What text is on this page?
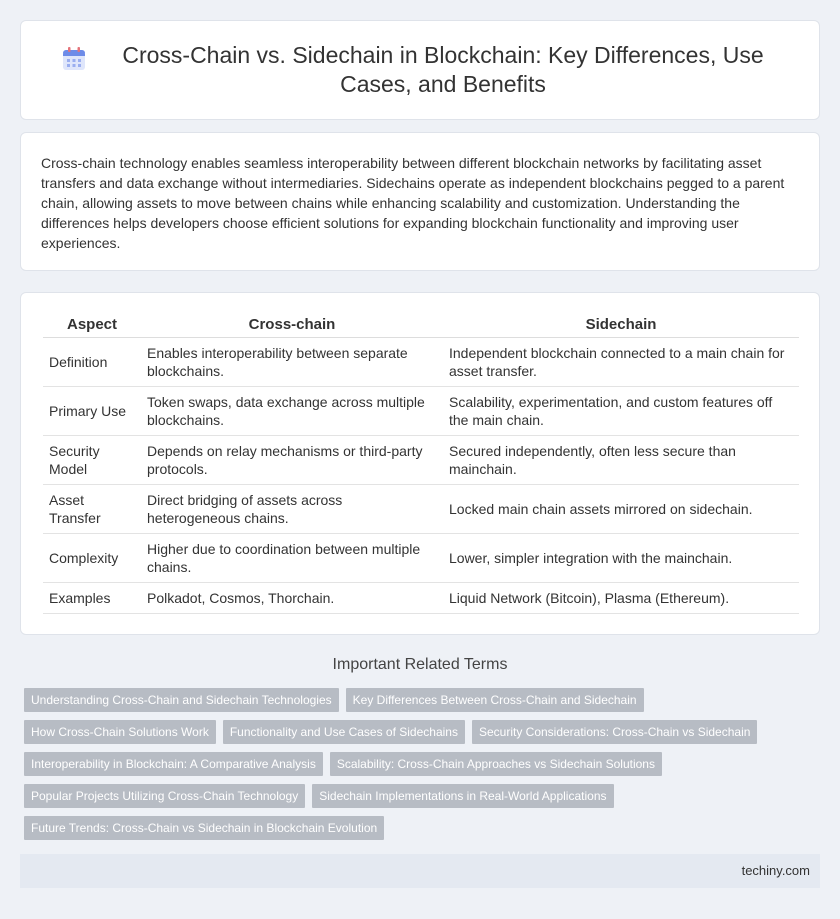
Cross-Chain vs. Sidechain in Blockchain: Key Differences, Use Cases, and Benefits

Cross-chain technology enables seamless interoperability between different blockchain networks by facilitating asset transfers and data exchange without intermediaries. Sidechains operate as independent blockchains pegged to a parent chain, allowing assets to move between chains while enhancing scalability and customization. Understanding the differences helps developers choose efficient solutions for expanding blockchain functionality and improving user experiences.

Aspect	Cross-chain	Sidechain
Definition	Enables interoperability between separate blockchains.	Independent blockchain connected to a main chain for asset transfer.
Primary Use	Token swaps, data exchange across multiple blockchains.	Scalability, experimentation, and custom features off the main chain.
Security Model	Depends on relay mechanisms or third-party protocols.	Secured independently, often less secure than mainchain.
Asset Transfer	Direct bridging of assets across heterogeneous chains.	Locked main chain assets mirrored on sidechain.
Complexity	Higher due to coordination between multiple chains.	Lower, simpler integration with the mainchain.
Examples	Polkadot, Cosmos, Thorchain.	Liquid Network (Bitcoin), Plasma (Ethereum).
Important Related Terms
Understanding Cross-Chain and Sidechain Technologies	Key Differences Between Cross-Chain and Sidechain
How Cross-Chain Solutions Work	Functionality and Use Cases of Sidechains	Security Considerations: Cross-Chain vs Sidechain
Interoperability in Blockchain: A Comparative Analysis	Scalability: Cross-Chain Approaches vs Sidechain Solutions
Popular Projects Utilizing Cross-Chain Technology	Sidechain Implementations in Real-World Applications
Future Trends: Cross-Chain vs Sidechain in Blockchain Evolution
techiny.com
